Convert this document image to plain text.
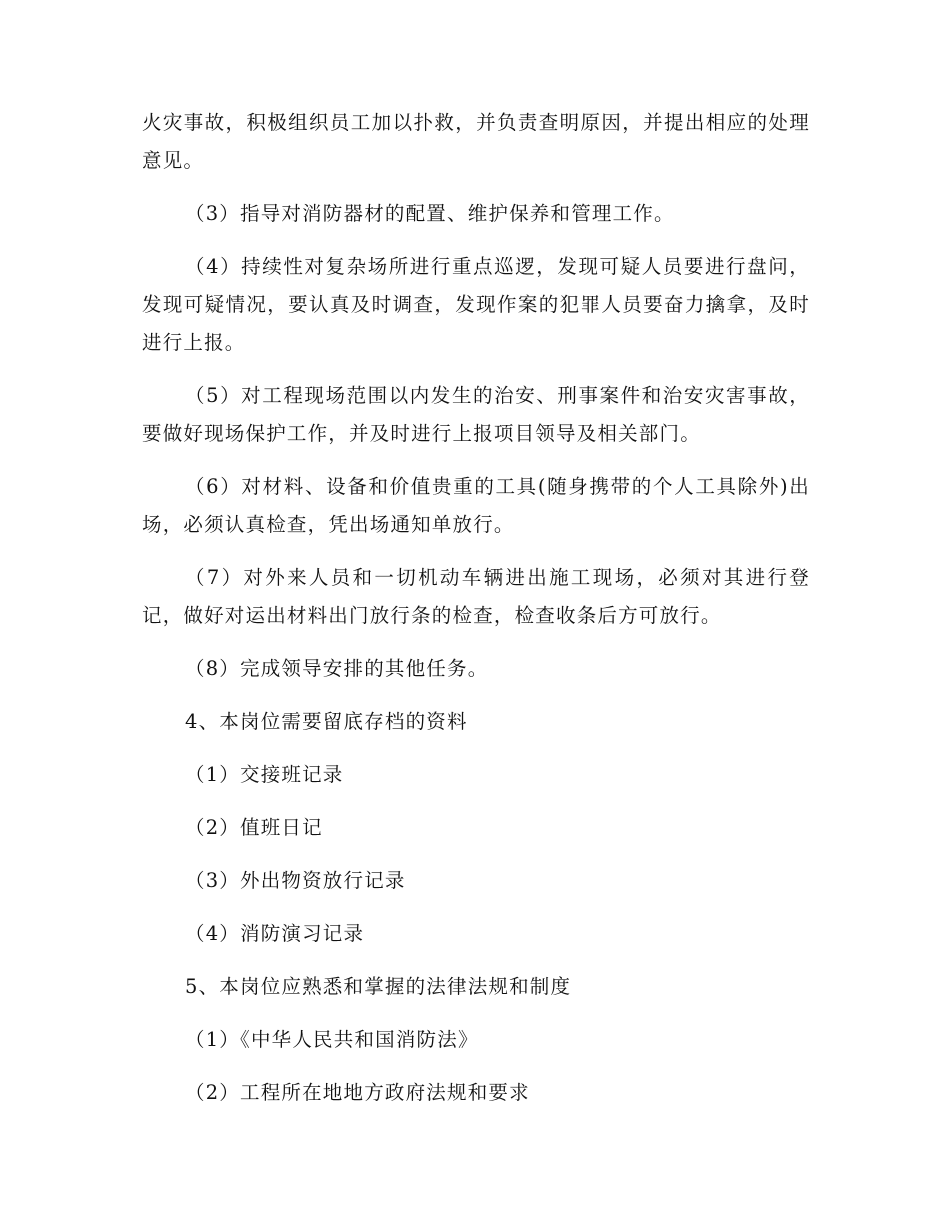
火灾事故，积极组织员工加以扑救，并负责查明原因，并提出相应的处理意见。

（3）指导对消防器材的配置、维护保养和管理工作。

（4）持续性对复杂场所进行重点巡逻，发现可疑人员要进行盘问，发现可疑情况，要认真及时调查，发现作案的犯罪人员要奋力擒拿，及时进行上报。

（5）对工程现场范围以内发生的治安、刑事案件和治安灾害事故，要做好现场保护工作，并及时进行上报项目领导及相关部门。

（6）对材料、设备和价值贵重的工具(随身携带的个人工具除外)出场，必须认真检查，凭出场通知单放行。

（7）对外来人员和一切机动车辆进出施工现场，必须对其进行登记，做好对运出材料出门放行条的检查，检查收条后方可放行。

（8）完成领导安排的其他任务。

4、本岗位需要留底存档的资料

（1）交接班记录

（2）值班日记

（3）外出物资放行记录

（4）消防演习记录

5、本岗位应熟悉和掌握的法律法规和制度

（1）《中华人民共和国消防法》

（2）工程所在地地方政府法规和要求
